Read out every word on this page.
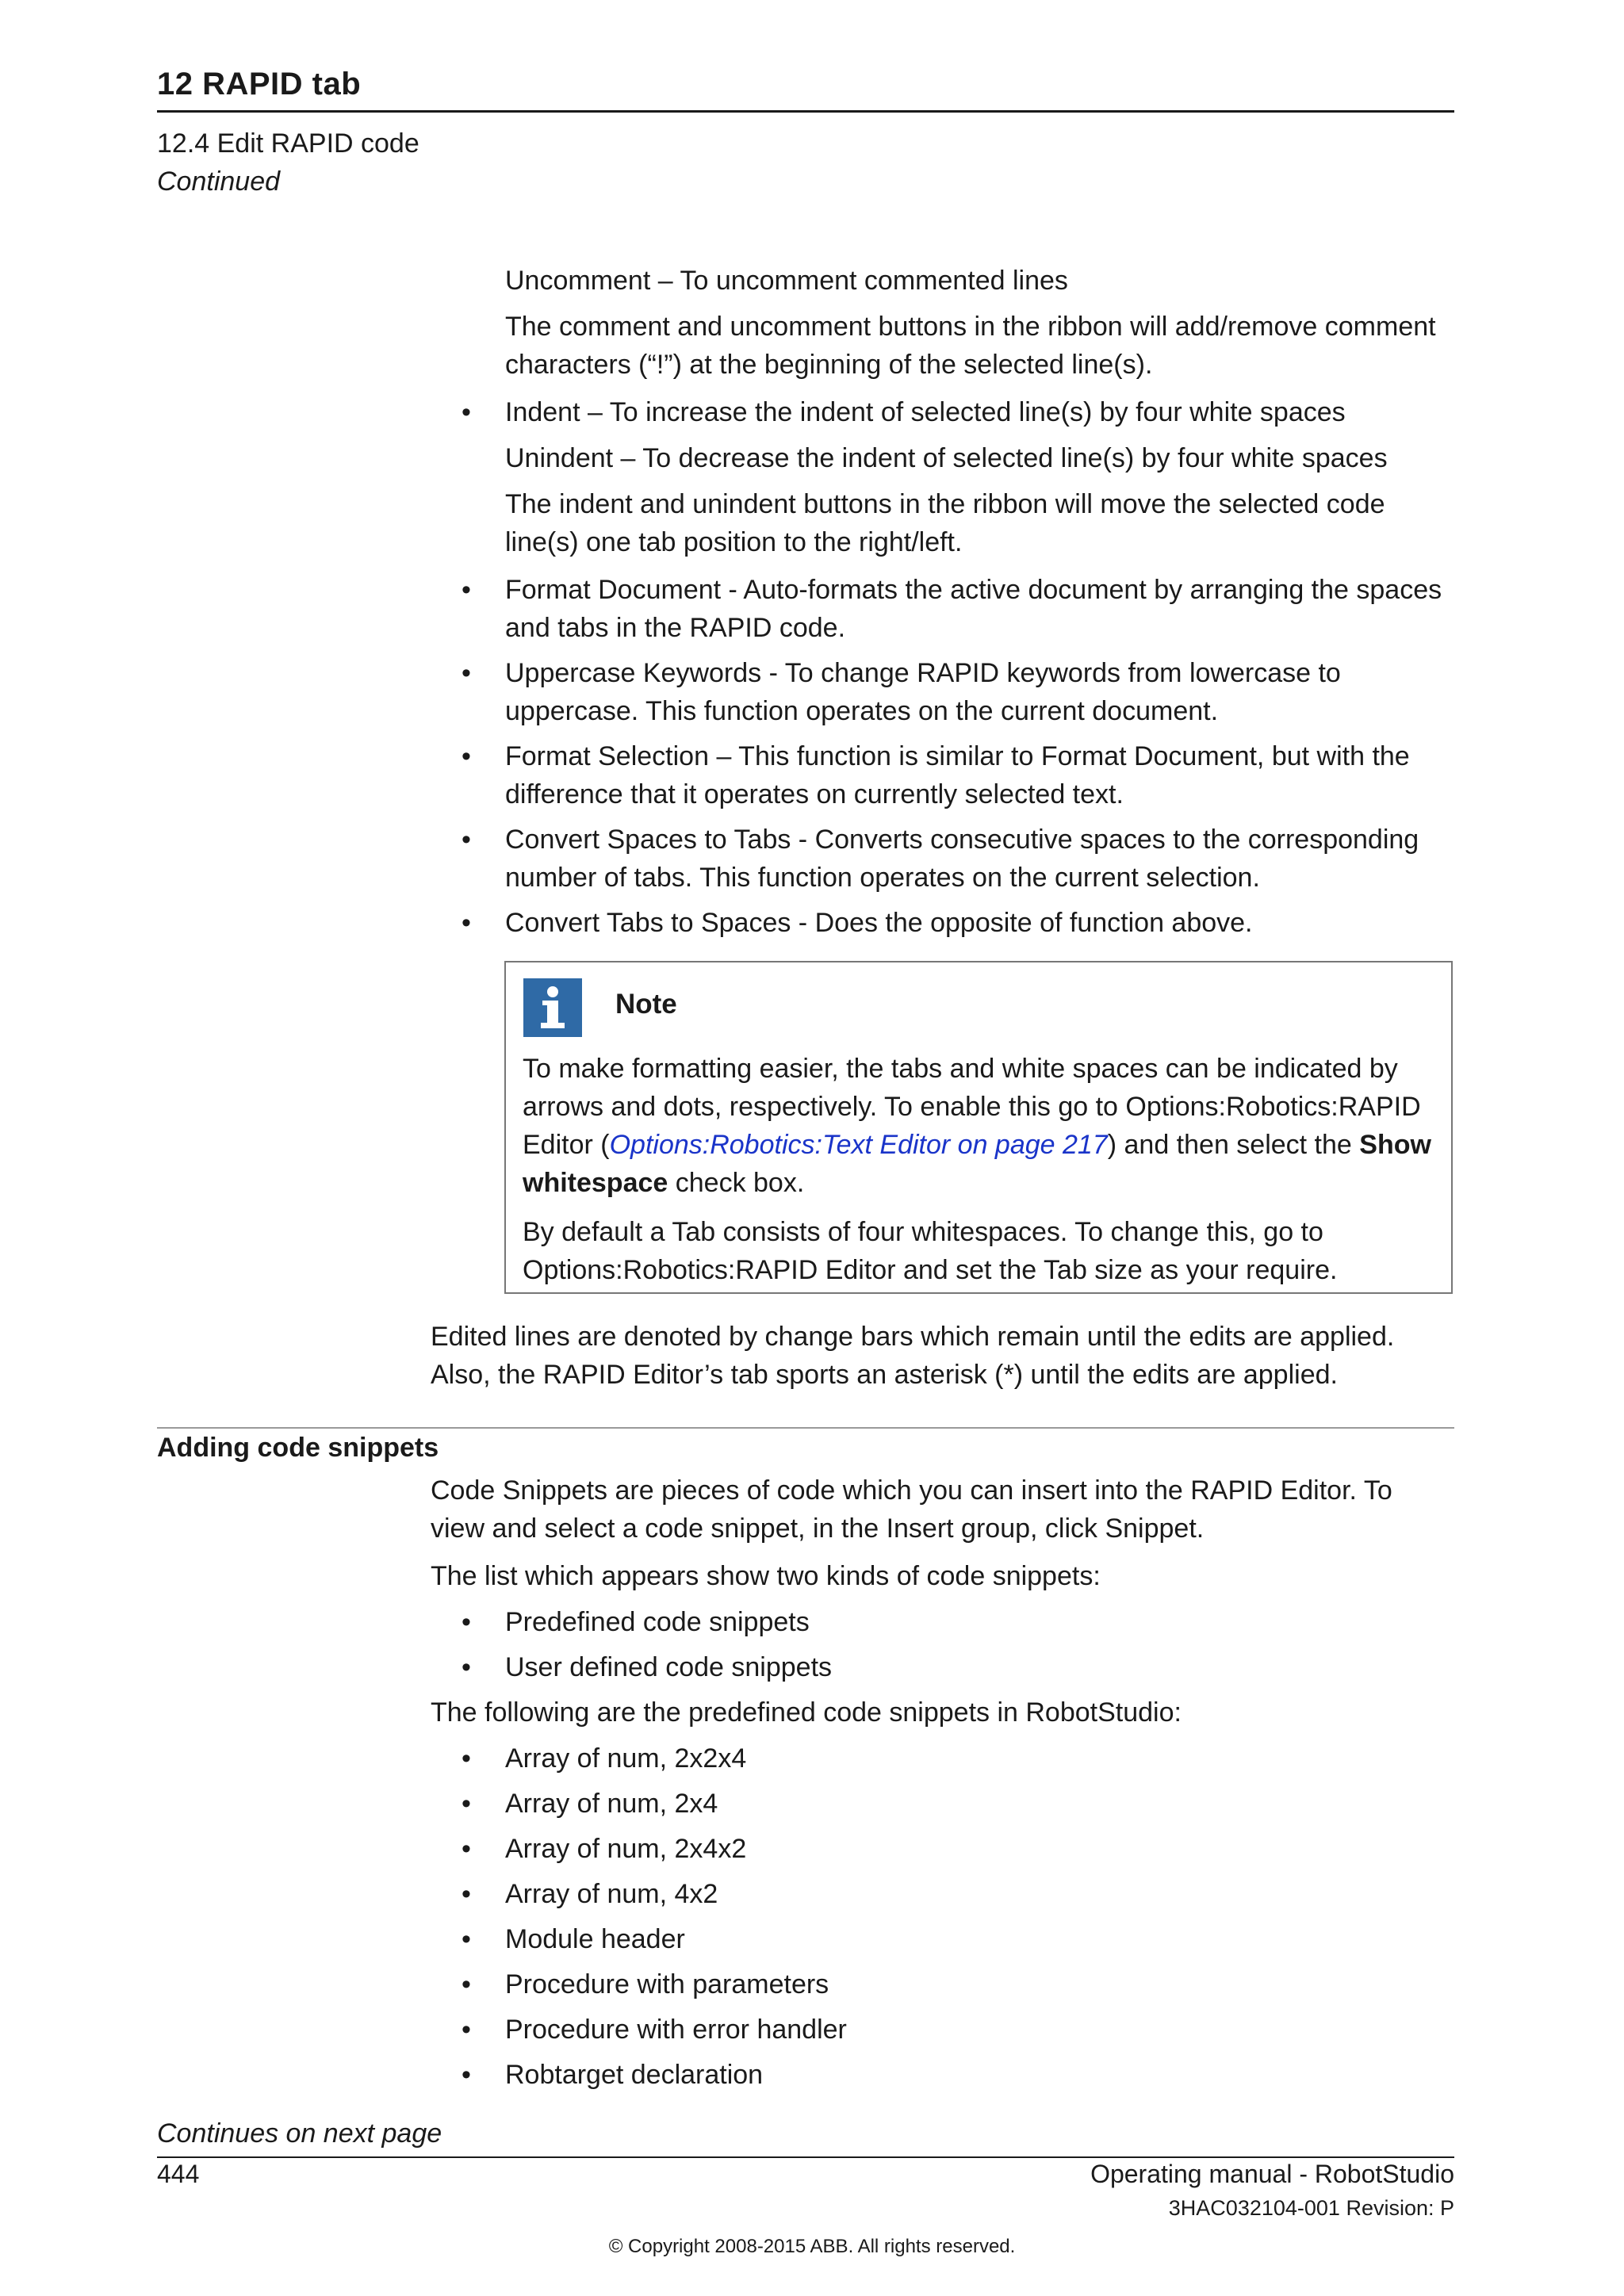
12 RAPID tab
12.4 Edit RAPID code
Continued
Uncomment – To uncomment commented lines
The comment and uncomment buttons in the ribbon will add/remove comment characters (“!”) at the beginning of the selected line(s).
•	Indent – To increase the indent of selected line(s) by four white spaces
Unindent – To decrease the indent of selected line(s) by four white spaces
The indent and unindent buttons in the ribbon will move the selected code line(s) one tab position to the right/left.
•	Format Document - Auto-formats the active document by arranging the spaces and tabs in the RAPID code.
•	Uppercase Keywords - To change RAPID keywords from lowercase to uppercase. This function operates on the current document.
•	Format Selection – This function is similar to Format Document, but with the difference that it operates on currently selected text.
•	Convert Spaces to Tabs - Converts consecutive spaces to the corresponding number of tabs. This function operates on the current selection.
•	Convert Tabs to Spaces - Does the opposite of function above.
Note
To make formatting easier, the tabs and white spaces can be indicated by arrows and dots, respectively. To enable this go to Options:Robotics:RAPID Editor (Options:Robotics:Text Editor on page 217) and then select the Show whitespace check box.
By default a Tab consists of four whitespaces. To change this, go to Options:Robotics:RAPID Editor and set the Tab size as your require.
Edited lines are denoted by change bars which remain until the edits are applied. Also, the RAPID Editor’s tab sports an asterisk (*) until the edits are applied.
Adding code snippets
Code Snippets are pieces of code which you can insert into the RAPID Editor. To view and select a code snippet, in the Insert group, click Snippet.
The list which appears show two kinds of code snippets:
•	Predefined code snippets
•	User defined code snippets
The following are the predefined code snippets in RobotStudio:
•	Array of num, 2x2x4
•	Array of num, 2x4
•	Array of num, 2x4x2
•	Array of num, 4x2
•	Module header
•	Procedure with parameters
•	Procedure with error handler
•	Robtarget declaration
Continues on next page
444	Operating manual - RobotStudio
3HAC032104-001 Revision: P
© Copyright 2008-2015 ABB. All rights reserved.
